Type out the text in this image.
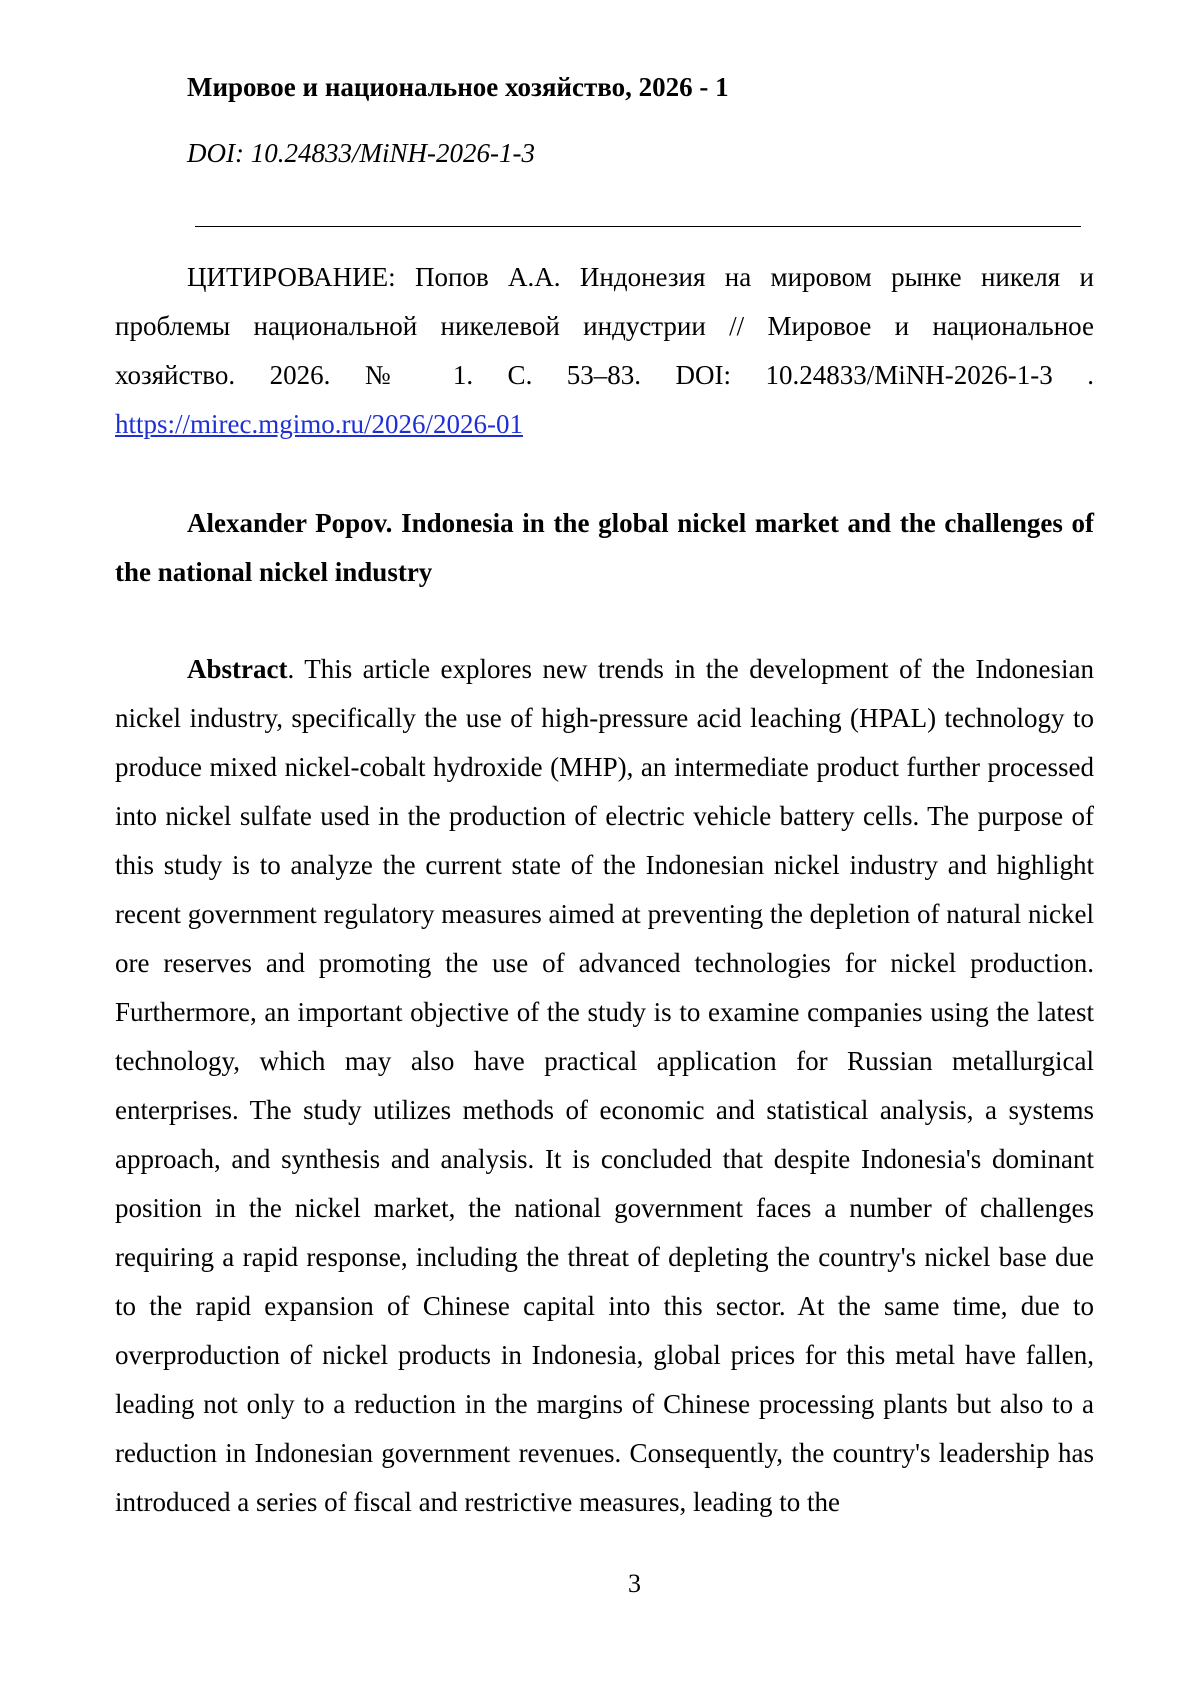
Мировое и национальное хозяйство, 2026 - 1
DOI: 10.24833/MiNH-2026-1-3
ЦИТИРОВАНИЕ: Попов А.А. Индонезия на мировом рынке никеля и проблемы национальной никелевой индустрии // Мировое и национальное хозяйство. 2026. № 1. С. 53–83. DOI: 10.24833/MiNH-2026-1-3 . https://mirec.mgimo.ru/2026/2026-01
Alexander Popov. Indonesia in the global nickel market and the challenges of the national nickel industry
Abstract. This article explores new trends in the development of the Indonesian nickel industry, specifically the use of high-pressure acid leaching (HPAL) technology to produce mixed nickel-cobalt hydroxide (MHP), an intermediate product further processed into nickel sulfate used in the production of electric vehicle battery cells. The purpose of this study is to analyze the current state of the Indonesian nickel industry and highlight recent government regulatory measures aimed at preventing the depletion of natural nickel ore reserves and promoting the use of advanced technologies for nickel production. Furthermore, an important objective of the study is to examine companies using the latest technology, which may also have practical application for Russian metallurgical enterprises. The study utilizes methods of economic and statistical analysis, a systems approach, and synthesis and analysis. It is concluded that despite Indonesia's dominant position in the nickel market, the national government faces a number of challenges requiring a rapid response, including the threat of depleting the country's nickel base due to the rapid expansion of Chinese capital into this sector. At the same time, due to overproduction of nickel products in Indonesia, global prices for this metal have fallen, leading not only to a reduction in the margins of Chinese processing plants but also to a reduction in Indonesian government revenues. Consequently, the country's leadership has introduced a series of fiscal and restrictive measures, leading to the
3
